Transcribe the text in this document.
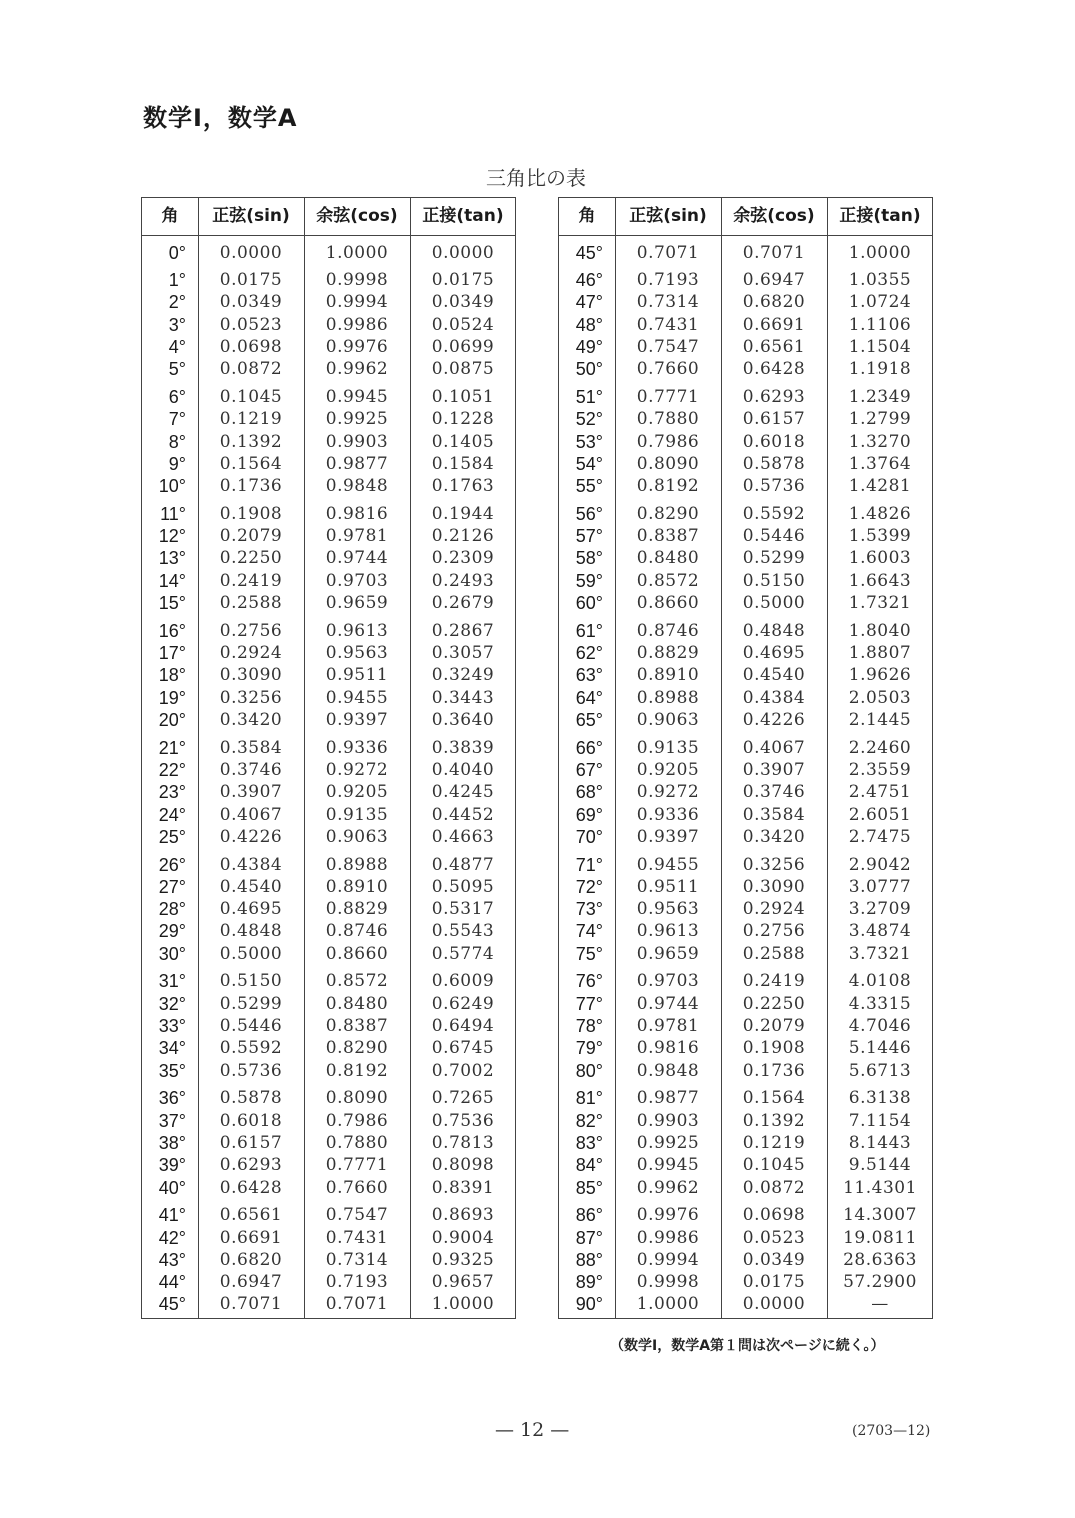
数学Ⅰ，数学A
三角比の表
角	正弦(sin)	余弦(cos)	正接(tan)
0°	0.0000	1.0000	0.0000
1°	0.0175	0.9998	0.0175
2°	0.0349	0.9994	0.0349
3°	0.0523	0.9986	0.0524
4°	0.0698	0.9976	0.0699
5°	0.0872	0.9962	0.0875
6°	0.1045	0.9945	0.1051
7°	0.1219	0.9925	0.1228
8°	0.1392	0.9903	0.1405
9°	0.1564	0.9877	0.1584
10°	0.1736	0.9848	0.1763
11°	0.1908	0.9816	0.1944
12°	0.2079	0.9781	0.2126
13°	0.2250	0.9744	0.2309
14°	0.2419	0.9703	0.2493
15°	0.2588	0.9659	0.2679
16°	0.2756	0.9613	0.2867
17°	0.2924	0.9563	0.3057
18°	0.3090	0.9511	0.3249
19°	0.3256	0.9455	0.3443
20°	0.3420	0.9397	0.3640
21°	0.3584	0.9336	0.3839
22°	0.3746	0.9272	0.4040
23°	0.3907	0.9205	0.4245
24°	0.4067	0.9135	0.4452
25°	0.4226	0.9063	0.4663
26°	0.4384	0.8988	0.4877
27°	0.4540	0.8910	0.5095
28°	0.4695	0.8829	0.5317
29°	0.4848	0.8746	0.5543
30°	0.5000	0.8660	0.5774
31°	0.5150	0.8572	0.6009
32°	0.5299	0.8480	0.6249
33°	0.5446	0.8387	0.6494
34°	0.5592	0.8290	0.6745
35°	0.5736	0.8192	0.7002
36°	0.5878	0.8090	0.7265
37°	0.6018	0.7986	0.7536
38°	0.6157	0.7880	0.7813
39°	0.6293	0.7771	0.8098
40°	0.6428	0.7660	0.8391
41°	0.6561	0.7547	0.8693
42°	0.6691	0.7431	0.9004
43°	0.6820	0.7314	0.9325
44°	0.6947	0.7193	0.9657
45°	0.7071	0.7071	1.0000
角	正弦(sin)	余弦(cos)	正接(tan)
45°	0.7071	0.7071	1.0000
46°	0.7193	0.6947	1.0355
47°	0.7314	0.6820	1.0724
48°	0.7431	0.6691	1.1106
49°	0.7547	0.6561	1.1504
50°	0.7660	0.6428	1.1918
51°	0.7771	0.6293	1.2349
52°	0.7880	0.6157	1.2799
53°	0.7986	0.6018	1.3270
54°	0.8090	0.5878	1.3764
55°	0.8192	0.5736	1.4281
56°	0.8290	0.5592	1.4826
57°	0.8387	0.5446	1.5399
58°	0.8480	0.5299	1.6003
59°	0.8572	0.5150	1.6643
60°	0.8660	0.5000	1.7321
61°	0.8746	0.4848	1.8040
62°	0.8829	0.4695	1.8807
63°	0.8910	0.4540	1.9626
64°	0.8988	0.4384	2.0503
65°	0.9063	0.4226	2.1445
66°	0.9135	0.4067	2.2460
67°	0.9205	0.3907	2.3559
68°	0.9272	0.3746	2.4751
69°	0.9336	0.3584	2.6051
70°	0.9397	0.3420	2.7475
71°	0.9455	0.3256	2.9042
72°	0.9511	0.3090	3.0777
73°	0.9563	0.2924	3.2709
74°	0.9613	0.2756	3.4874
75°	0.9659	0.2588	3.7321
76°	0.9703	0.2419	4.0108
77°	0.9744	0.2250	4.3315
78°	0.9781	0.2079	4.7046
79°	0.9816	0.1908	5.1446
80°	0.9848	0.1736	5.6713
81°	0.9877	0.1564	6.3138
82°	0.9903	0.1392	7.1154
83°	0.9925	0.1219	8.1443
84°	0.9945	0.1045	9.5144
85°	0.9962	0.0872	11.4301
86°	0.9976	0.0698	14.3007
87°	0.9986	0.0523	19.0811
88°	0.9994	0.0349	28.6363
89°	0.9998	0.0175	57.2900
90°	1.0000	0.0000	—
（数学Ⅰ，数学A第１問は次ページに続く。）
— 12 —	(2703—12)
